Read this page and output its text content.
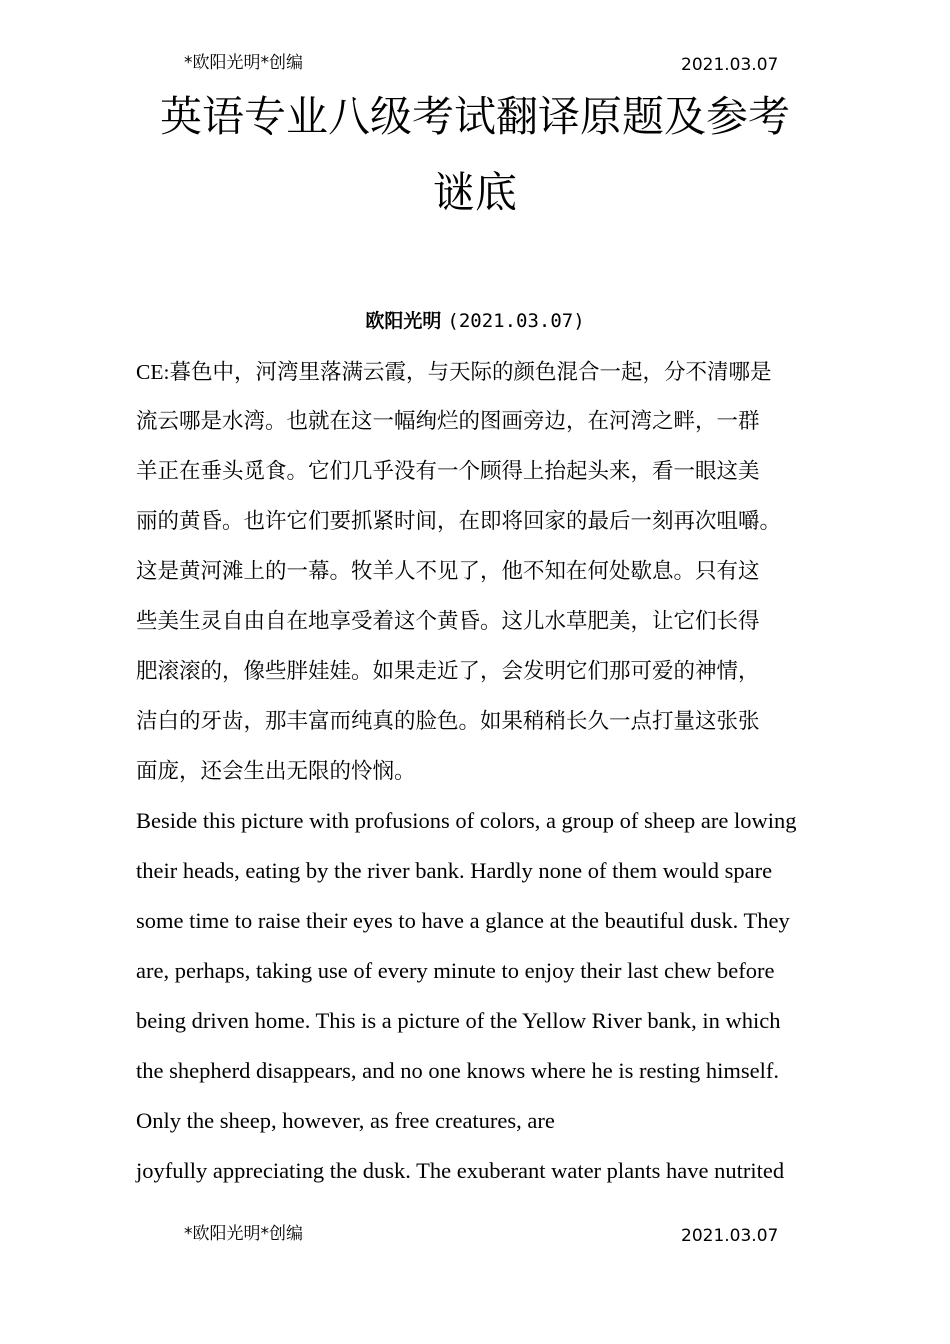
*欧阳光明*创编	2021.03.07
英语专业八级考试翻译原题及参考
谜底
欧阳光明 (2021.03.07)
CE:暮色中，河湾里落满云霞，与天际的颜色混合一起，分不清哪是
流云哪是水湾。也就在这一幅绚烂的图画旁边，在河湾之畔，一群
羊正在垂头觅食。它们几乎没有一个顾得上抬起头来，看一眼这美
丽的黄昏。也许它们要抓紧时间，在即将回家的最后一刻再次咀嚼。
这是黄河滩上的一幕。牧羊人不见了，他不知在何处歇息。只有这
些美生灵自由自在地享受着这个黄昏。这儿水草肥美，让它们长得
肥滚滚的，像些胖娃娃。如果走近了，会发明它们那可爱的神情，
洁白的牙齿，那丰富而纯真的脸色。如果稍稍长久一点打量这张张
面庞，还会生出无限的怜悯。
Beside this picture with profusions of colors, a group of sheep are lowing
their heads, eating by the river bank. Hardly none of them would spare
some time to raise their eyes to have a glance at the beautiful dusk. They
are, perhaps, taking use of every minute to enjoy their last chew before
being driven home. This is a picture of the Yellow River bank, in which
the shepherd disappears, and no one knows where he is resting himself.
Only the sheep, however, as free creatures, are
joyfully appreciating the dusk. The exuberant water plants have nutrited
*欧阳光明*创编	2021.03.07
